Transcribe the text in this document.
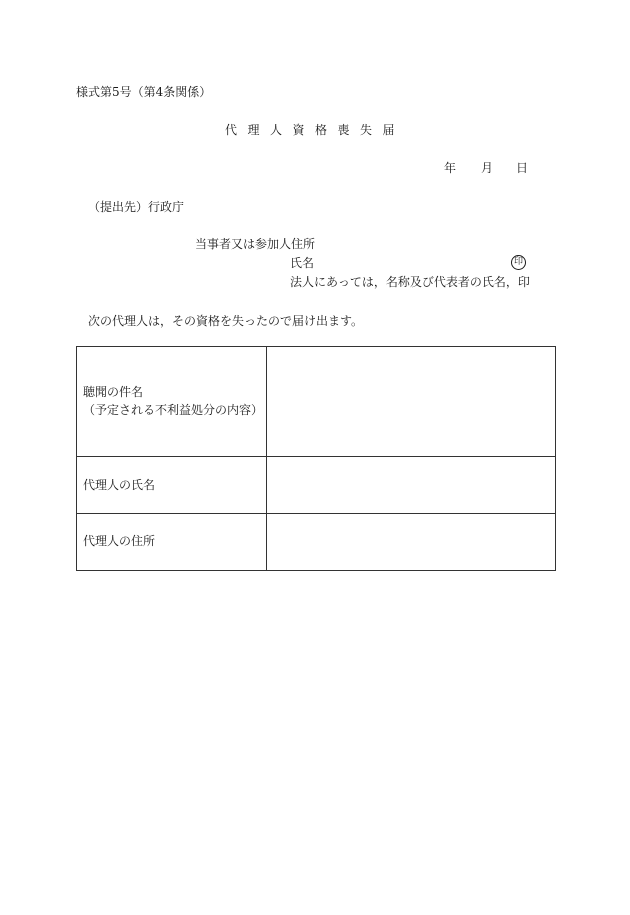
様式第5号（第4条関係）
代理人資格喪失届
年 月 日
（提出先）行政庁
当事者又は参加人住所
氏名	印
法人にあっては，名称及び代表者の氏名，印
次の代理人は，その資格を失ったので届け出ます。
聴聞の件名
（予定される不利益処分の内容）	

代理人の氏名	

代理人の住所	
